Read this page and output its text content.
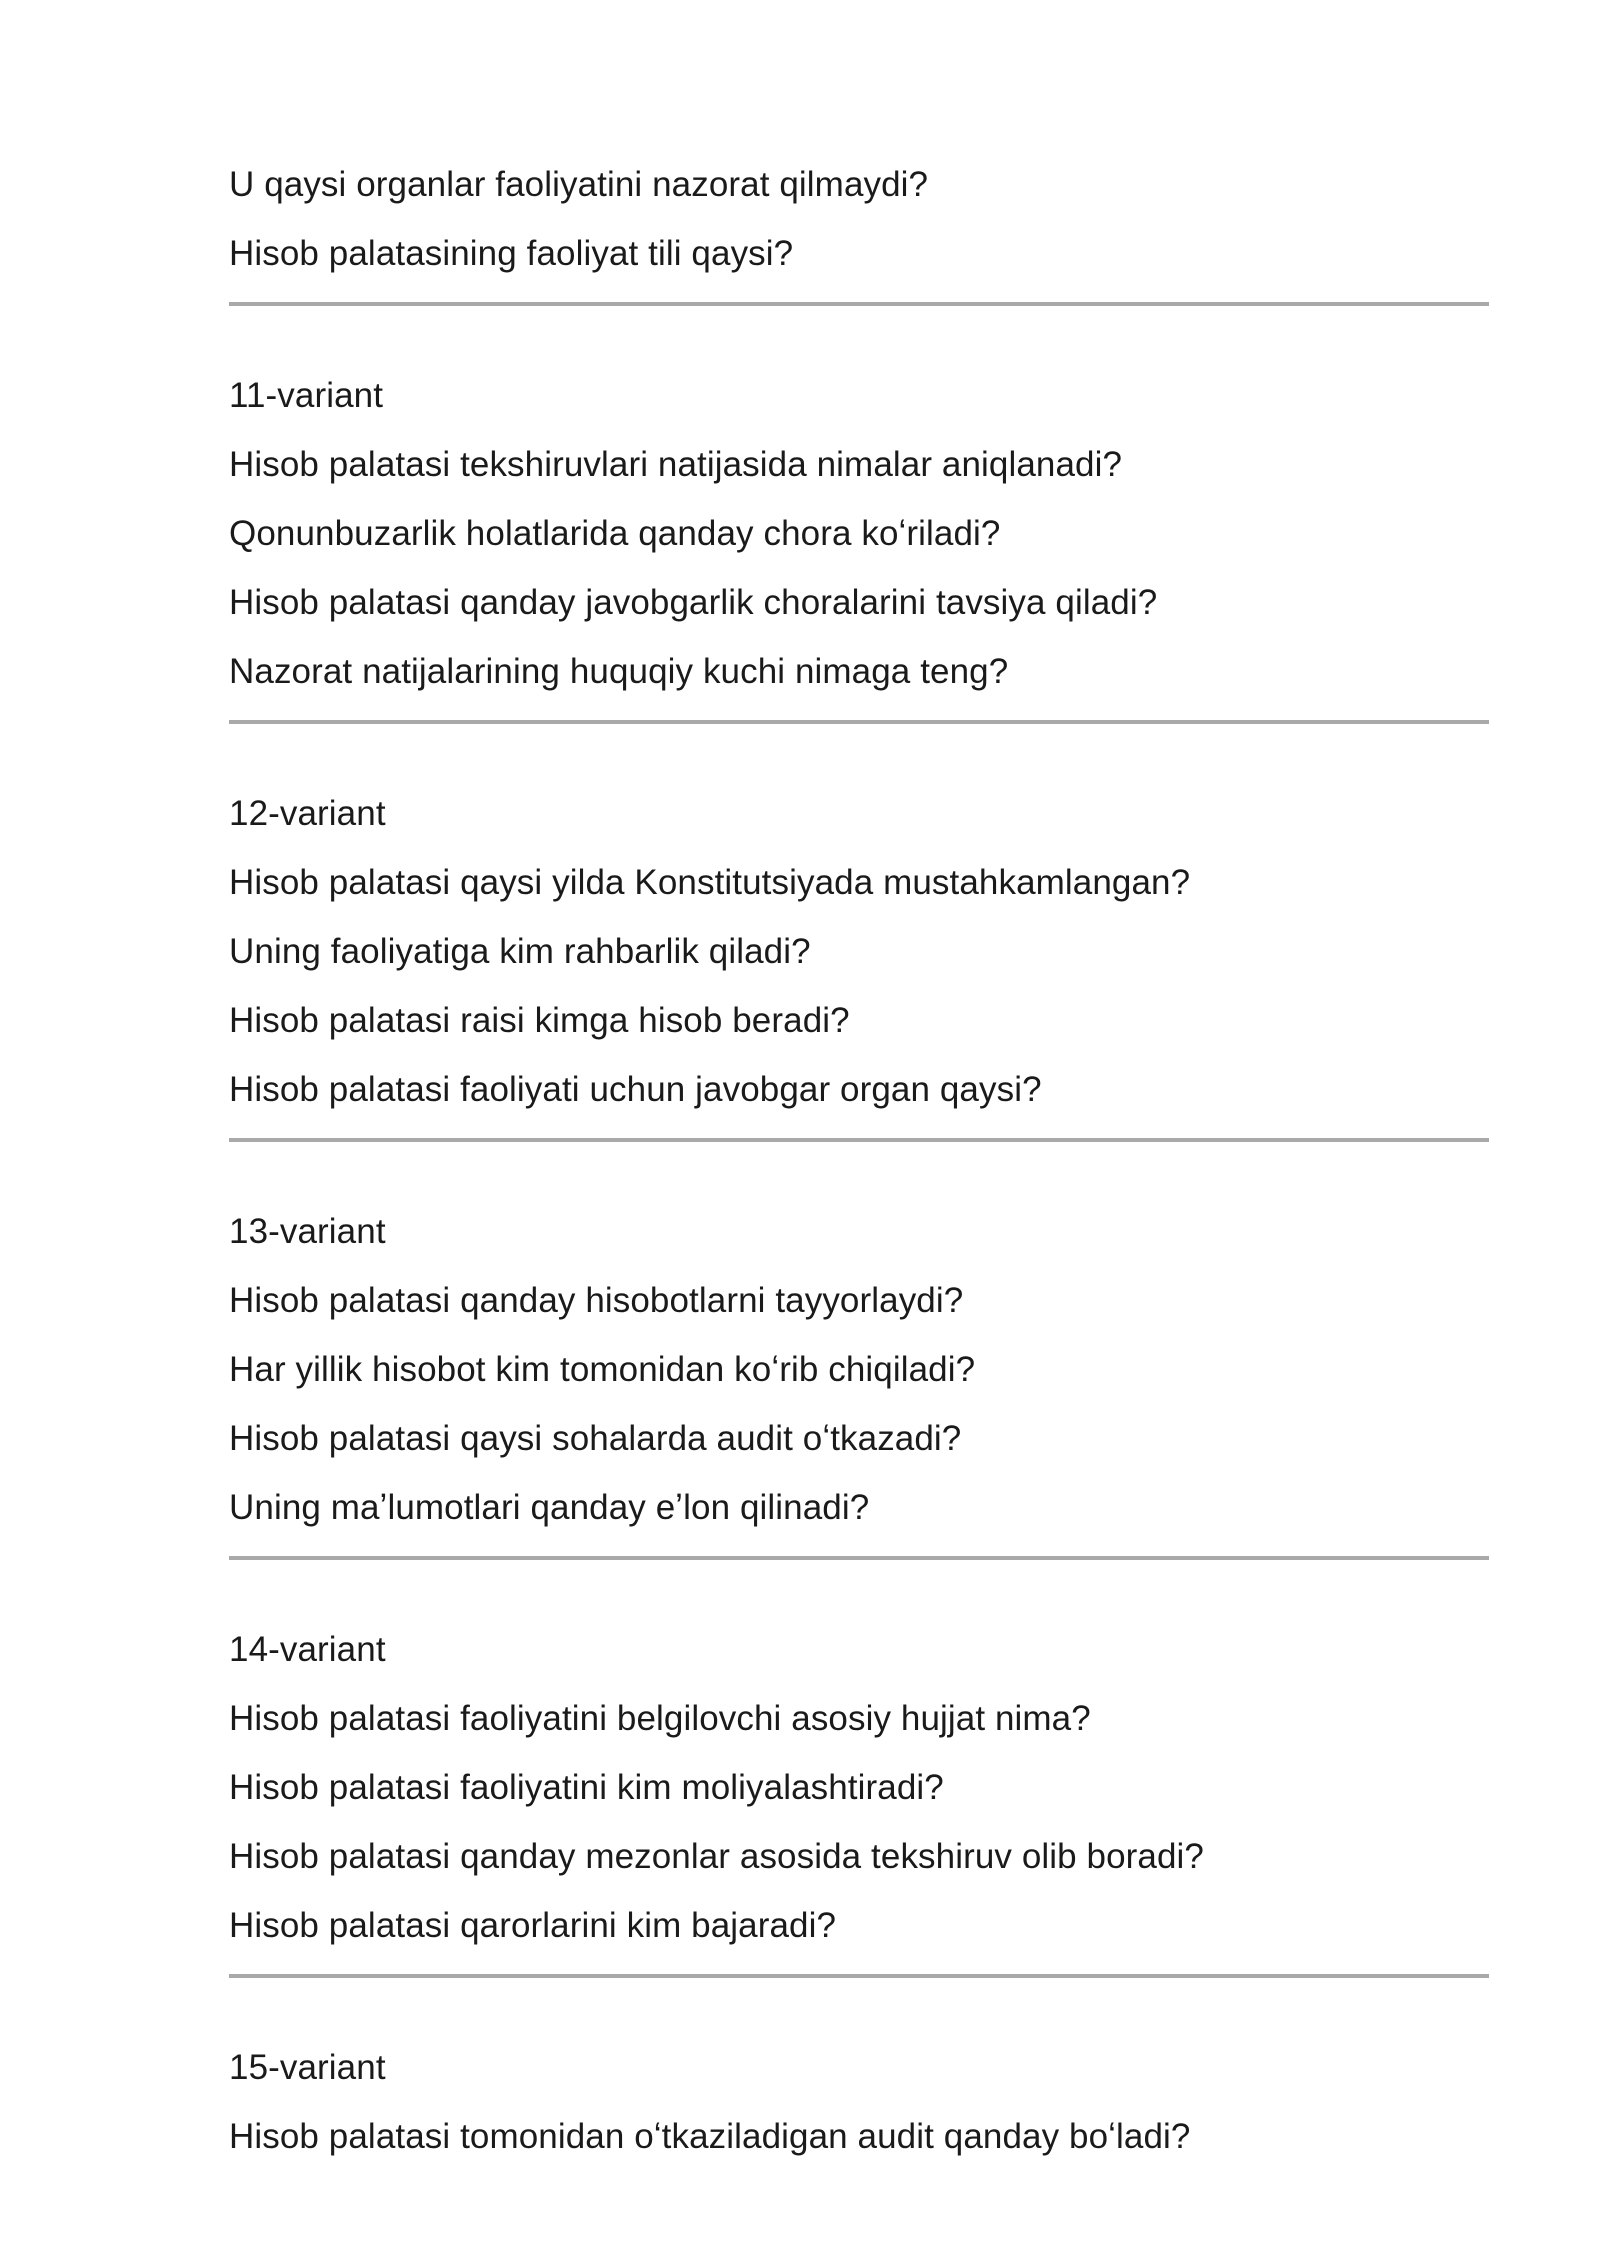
U qaysi organlar faoliyatini nazorat qilmaydi?
Hisob palatasining faoliyat tili qaysi?
11-variant
Hisob palatasi tekshiruvlari natijasida nimalar aniqlanadi?
Qonunbuzarlik holatlarida qanday chora koʻriladi?
Hisob palatasi qanday javobgarlik choralarini tavsiya qiladi?
Nazorat natijalarining huquqiy kuchi nimaga teng?
12-variant
Hisob palatasi qaysi yilda Konstitutsiyada mustahkamlangan?
Uning faoliyatiga kim rahbarlik qiladi?
Hisob palatasi raisi kimga hisob beradi?
Hisob palatasi faoliyati uchun javobgar organ qaysi?
13-variant
Hisob palatasi qanday hisobotlarni tayyorlaydi?
Har yillik hisobot kim tomonidan koʻrib chiqiladi?
Hisob palatasi qaysi sohalarda audit oʻtkazadi?
Uning maʼlumotlari qanday eʼlon qilinadi?
14-variant
Hisob palatasi faoliyatini belgilovchi asosiy hujjat nima?
Hisob palatasi faoliyatini kim moliyalashtiradi?
Hisob palatasi qanday mezonlar asosida tekshiruv olib boradi?
Hisob palatasi qarorlarini kim bajaradi?
15-variant
Hisob palatasi tomonidan oʻtkaziladigan audit qanday boʻladi?
